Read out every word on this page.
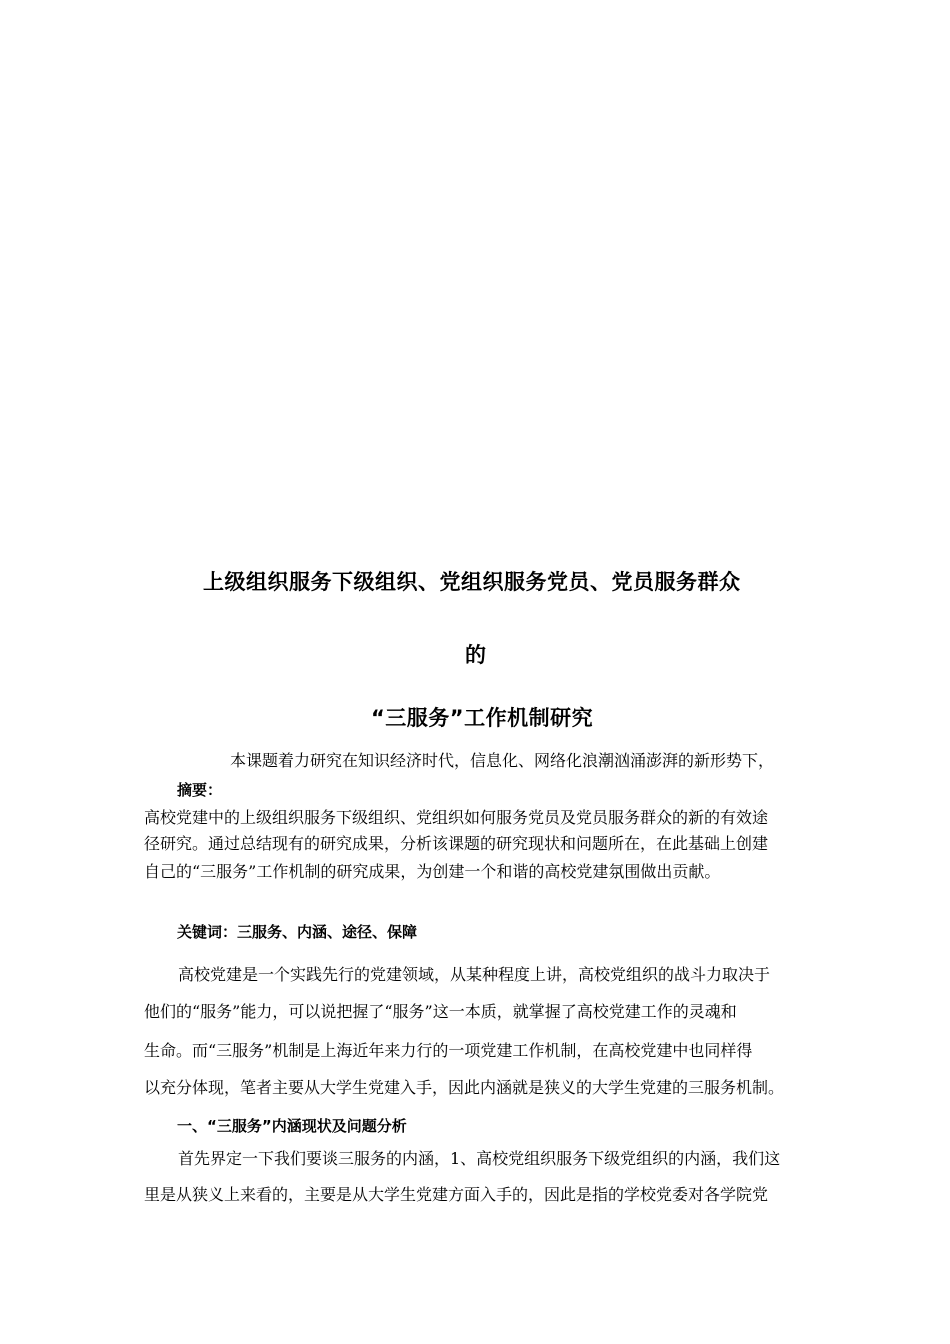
上级组织服务下级组织、党组织服务党员、党员服务群众
的
“三服务”工作机制研究
本课题着力研究在知识经济时代，信息化、网络化浪潮汹涌澎湃的新形势下，
摘要：
高校党建中的上级组织服务下级组织、党组织如何服务党员及党员服务群众的新的有效途
径研究。通过总结现有的研究成果，分析该课题的研究现状和问题所在，在此基础上创建
自己的“三服务”工作机制的研究成果，为创建一个和谐的高校党建氛围做出贡献。
关键词：三服务、内涵、途径、保障
高校党建是一个实践先行的党建领域，从某种程度上讲，高校党组织的战斗力取决于
他们的“服务”能力，可以说把握了“服务”这一本质，就掌握了高校党建工作的灵魂和
生命。而“三服务”机制是上海近年来力行的一项党建工作机制，在高校党建中也同样得
以充分体现，笔者主要从大学生党建入手，因此内涵就是狭义的大学生党建的三服务机制。
一、“三服务”内涵现状及问题分析
首先界定一下我们要谈三服务的内涵，1、高校党组织服务下级党组织的内涵，我们这
里是从狭义上来看的，主要是从大学生党建方面入手的，因此是指的学校党委对各学院党
